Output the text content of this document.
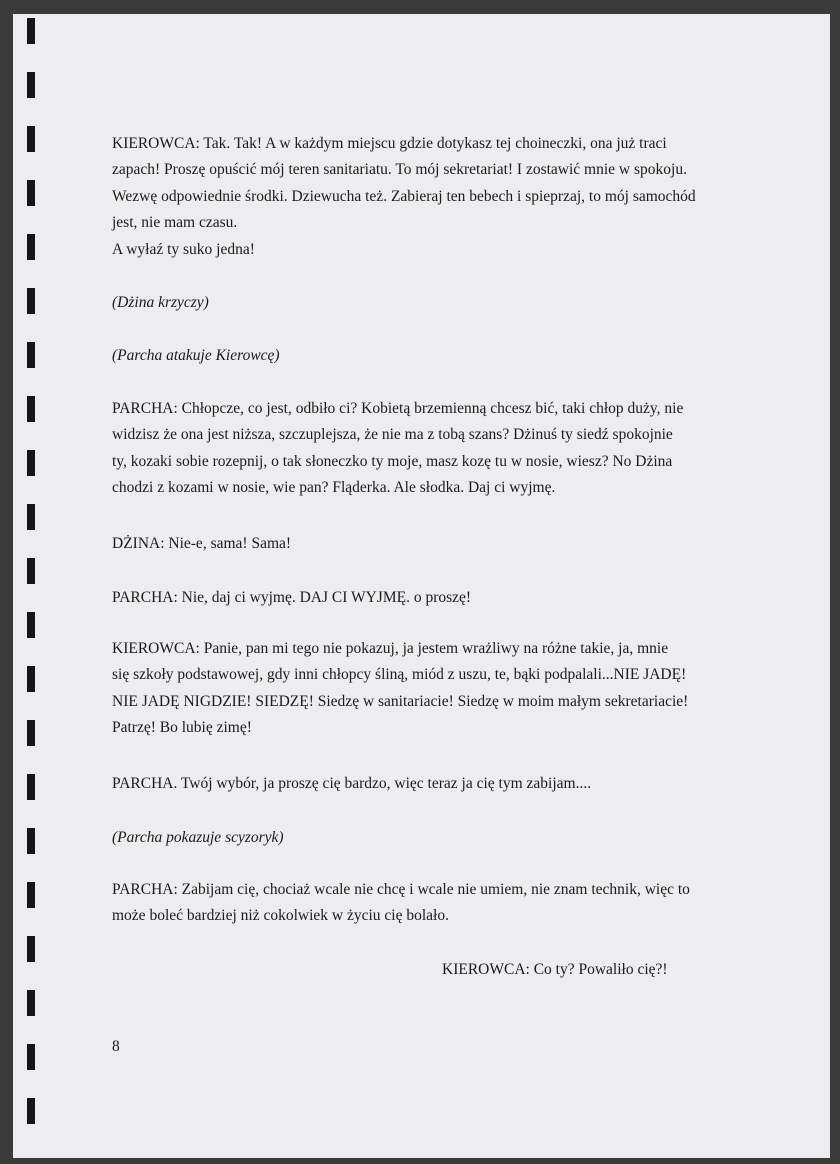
KIEROWCA: Tak. Tak! A w każdym miejscu gdzie dotykasz tej choineczki, ona już traci
zapach! Proszę opuścić mój teren sanitariatu. To mój sekretariat! I zostawić mnie w spokoju.
Wezwę odpowiednie środki. Dziewucha też. Zabieraj ten bebech i spieprzaj, to mój samochód
jest, nie mam czasu.
A wyłaź ty suko jedna!

(Dżina krzyczy)

(Parcha atakuje Kierowcę)

PARCHA: Chłopcze, co jest, odbiło ci? Kobietą brzemienną chcesz bić, taki chłop duży, nie
widzisz że ona jest niższa, szczuplejsza, że nie ma z tobą szans? Dżinuś ty siedź spokojnie
ty, kozaki sobie rozepnij, o tak słoneczko ty moje, masz kozę tu w nosie, wiesz? No Dżina
chodzi z kozami w nosie, wie pan? Fląderka. Ale słodka. Daj ci wyjmę.

DŻINA: Nie-e, sama! Sama!

PARCHA: Nie, daj ci wyjmę. DAJ CI WYJMĘ. o proszę!

KIEROWCA: Panie, pan mi tego nie pokazuj, ja jestem wrażliwy na różne takie, ja, mnie
się szkoły podstawowej, gdy inni chłopcy śliną, miód z uszu, te, bąki podpalali...NIE JADĘ!
NIE JADĘ NIGDZIE! SIEDZĘ! Siedzę w sanitariacie! Siedzę w moim małym sekretariacie!
Patrzę! Bo lubię zimę!

PARCHA. Twój wybór, ja proszę cię bardzo, więc teraz ja cię tym zabijam....

(Parcha pokazuje scyzoryk)

PARCHA: Zabijam cię, chociaż wcale nie chcę i wcale nie umiem, nie znam technik, więc to
może boleć bardziej niż cokolwiek w życiu cię bolało.

KIEROWCA: Co ty? Powaliło cię?!

8
